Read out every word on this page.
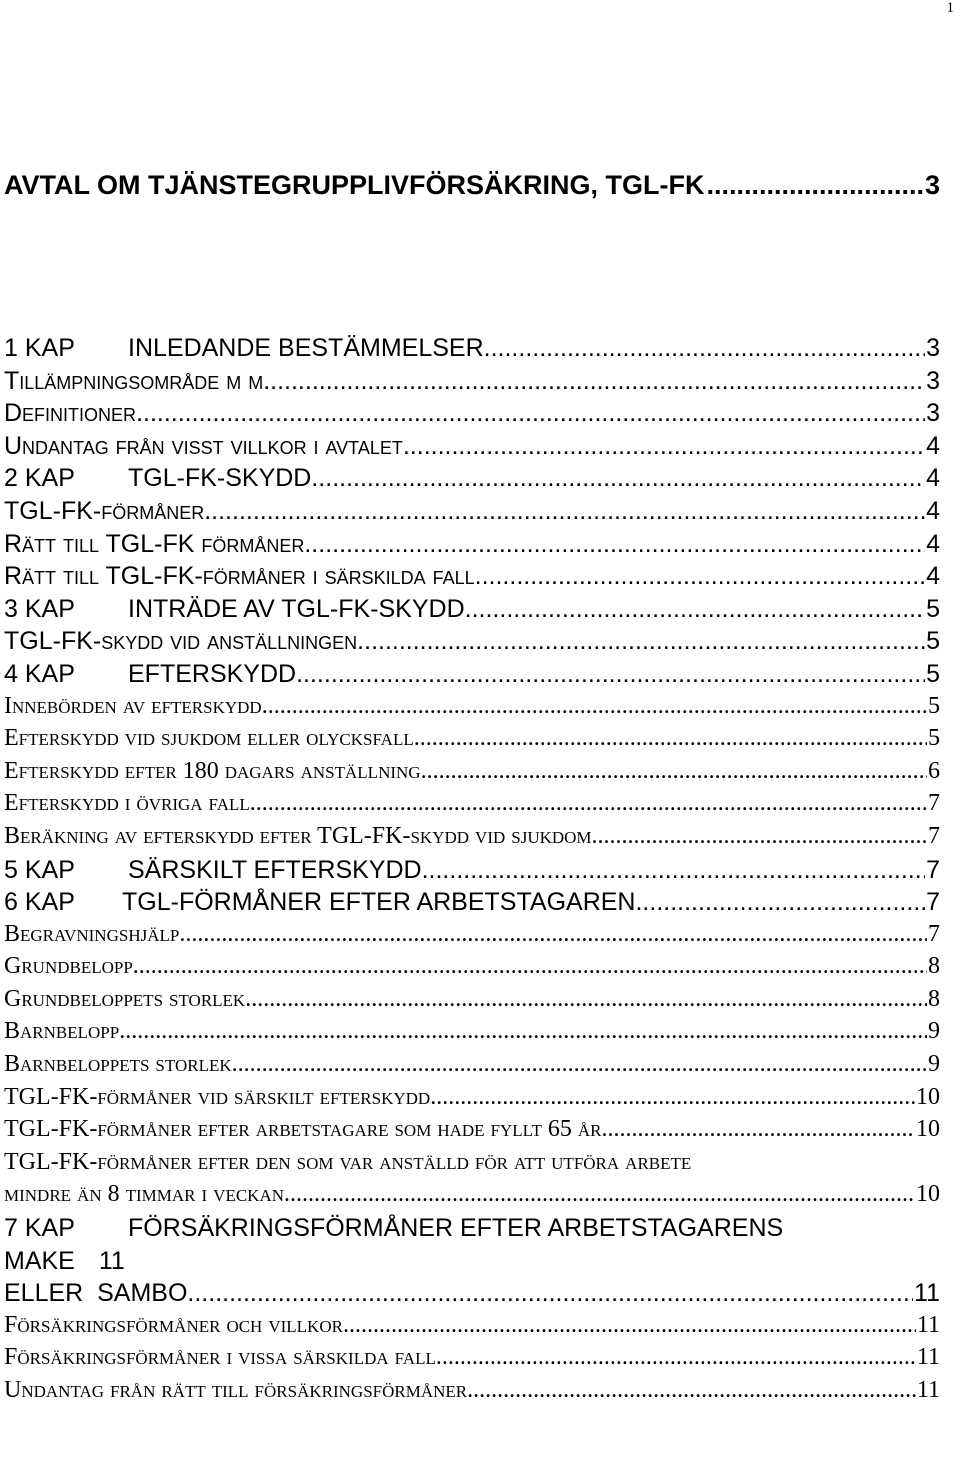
1
AVTAL OM TJÄNSTEGRUPPLIVFÖRSÄKRING, TGL-FK .....	3
1 KAP INLEDANDE BESTÄMMELSER .....	3
Tillämpningsområde m m .....	3
Definitioner .....	3
Undantag från visst villkor i avtalet .....	4
2 KAP TGL-FK-SKYDD .....	4
TGL-FK-förmåner .....	4
Rätt till TGL-FK förmåner .....	4
Rätt till TGL-FK-förmåner i särskilda fall .....	4
3 KAP INTRÄDE AV TGL-FK-SKYDD .....	5
TGL-FK-skydd vid anställningen .....	5
4 KAP EFTERSKYDD .....	5
Innebörden av efterskydd .....	5
Efterskydd vid sjukdom eller olycksfall .....	5
Efterskydd efter 180 dagars anställning .....	6
Efterskydd i övriga fall .....	7
Beräkning av efterskydd efter TGL-FK-skydd vid sjukdom .....	7
5 KAP SÄRSKILT EFTERSKYDD .....	7
6 KAP TGL-FÖRMÅNER EFTER ARBETSTAGAREN .....	7
Begravningshjälp .....	7
Grundbelopp .....	8
Grundbeloppets storlek .....	8
Barnbelopp .....	9
Barnbeloppets storlek .....	9
TGL-FK-förmåner vid särskilt efterskydd .....	10
TGL-FK-förmåner efter arbetstagare som hade fyllt 65 år .....	10
TGL-FK-förmåner efter den som var anställd för att utföra arbete
mindre än 8 timmar i veckan .....	10
7 KAP FÖRSÄKRINGSFÖRMÅNER EFTER ARBETSTAGARENS
MAKE 11
ELLER  SAMBO .....	11
Försäkringsförmåner och villkor .....	11
Försäkringsförmåner i vissa särskilda fall .....	11
Undantag från rätt till försäkringsförmåner .....	11
